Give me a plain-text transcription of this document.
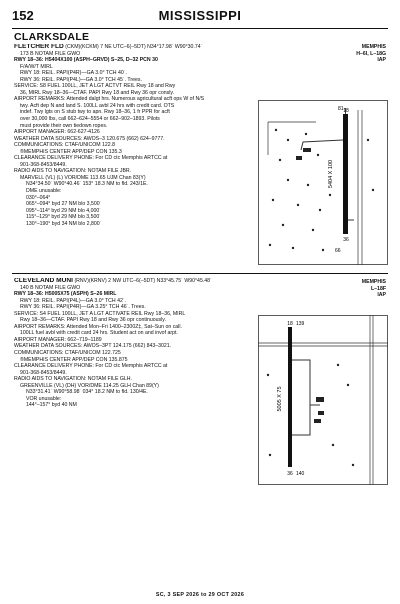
152	MISSISSIPPI
CLARKSDALE
FLETCHER FLD (CKM)(KCKM) 7 NE UTC–6(–5DT) N34°17.98´ W90°30.74´
173 B NOTAM FILE GWO
RWY 18–36: H5404X100 (ASPH–GRVD) S–25, D–32 PCN 30
F/A/W/T MIRL
RWY 18: REIL. PAPI(P4R)—GA 3.0° TCH 40´.
RWY 36: REIL. PAPI(P4L)—GA 3.0° TCH 45´. Trees.
SERVICE: S8 FUEL 100LL, JET A LGT ACTVT REIL Rwy 18 and Rwy
36, MIRL Rwy 18–36—CTAF. PAPI Rwy 18 and Rwy 36 opr consly.
AIRPORT REMARKS: Attended dalgt hrs. Numerous agricultural acft ops W of N/S
twy. Acft dep N and land S. 100LL avbl 24 hrs with credit card. OTS
indef. Twy lgts on S stub twy to apn. Rwy 18–36, 1 fr PPR for acft
over 30,000 lbs, call 662–624–5554 or 662–902–1893. Pilots
must provide their own tiedown ropes.
AIRPORT MANAGER: 662-627-4126
WEATHER DATA SOURCES: AWOS–3 120.675 (662) 624–9777.
COMMUNICATIONS: CTAF/UNICOM 122.8
®MEMPHIS CENTER APP/DEP CON 135.3
CLEARANCE DELIVERY PHONE: For CD ctc Memphis ARTCC at
901-368-8453/8449.
RADIO AIDS TO NAVIGATION: NOTAM FILE JBR.
MARVELL (VL) (L) VOR/DME 113.65 UJM Chan 83(Y)
N34°34.50´ W90°40.46´ 153° 18.3 NM to fld. 243/1E.
DME unusable:
030°–064°
065°–094° byd 27 NM blo 3,500´
095°–114° byd 29 NM blo 4,000´
115°–129° byd 29 NM blo 3,500´
130°–190° byd 34 NM blo 2,800´
MEMPHIS
H–6I, L–18G
IAP
5404 X 100
18
36
81
66
CLEVELAND MUNI (RNV)(KRNV) 2 NW UTC–6(–5DT) N33°45.75´ W90°45.48´
140 B NOTAM FILE GWO
RWY 18–36: H5005X75 (ASPH) S–26 MIRL
RWY 18: REIL. PAPI(P4L)—GA 3.0° TCH 42´.
RWY 36: REIL. PAPI(P4R)—GA 3.25° TCH 46´. Trees.
SERVICE: S4 FUEL 100LL, JET A LGT ACTIVATE REIL Rwy 18–36, MIRL
Rwy 18–36—CTAF. PAPI Rwy 18 and Rwy 36 opr continuously.
AIRPORT REMARKS: Attended Mon–Fri 1400–2300Z‡, Sat–Sun on call.
100LL fuel avbl with credit card 24 hrs. Student act on and invof arpt.
AIRPORT MANAGER: 662–719–1189
WEATHER DATA SOURCES: AWOS–3PT 124.175 (662) 843–3021.
COMMUNICATIONS: CTAF/UNICOM 122.725
®MEMPHIS CENTER APP/DEP CON 135.875
CLEARANCE DELIVERY PHONE: For CD ctc Memphis ARTCC at
901-368-8453/8449.
RADIO AIDS TO NAVIGATION: NOTAM FILE GLH.
GREENVILLE (VL) (DH) VOR/DME 114.25 GLH Chan 89(Y)
N33°31.41´ W90°58.98´ 034° 18.2 NM to fld. 130/4E.
VOR unusable:
144°–157° byd 40 NM
MEMPHIS
L–18F
IAP
5005 X 75
18
36
139
140
SC, 3 SEP 2026 to 29 OCT 2026
